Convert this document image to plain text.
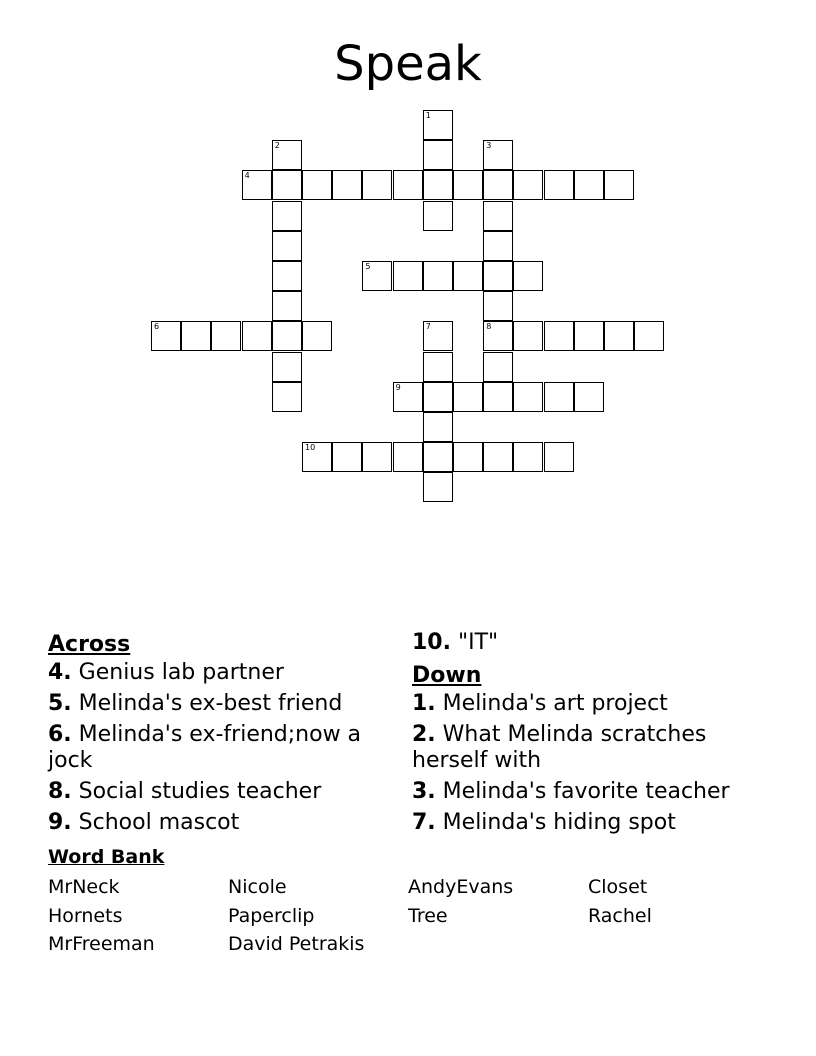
Speak
1
2	3
8
4
5
6	7
9
10

Across

4. Genius lab partner

5. Melinda's ex-best friend

6. Melinda's ex-friend;now a jock

8. Social studies teacher

9. School mascot

10. "IT"

Down

1. Melinda's art project

2. What Melinda scratches herself with

3. Melinda's favorite teacher

7. Melinda's hiding spot

Word Bank
MrNeck	Nicole	AndyEvans	Closet
Hornets	Paperclip	Tree	Rachel
MrFreeman	David Petrakis
